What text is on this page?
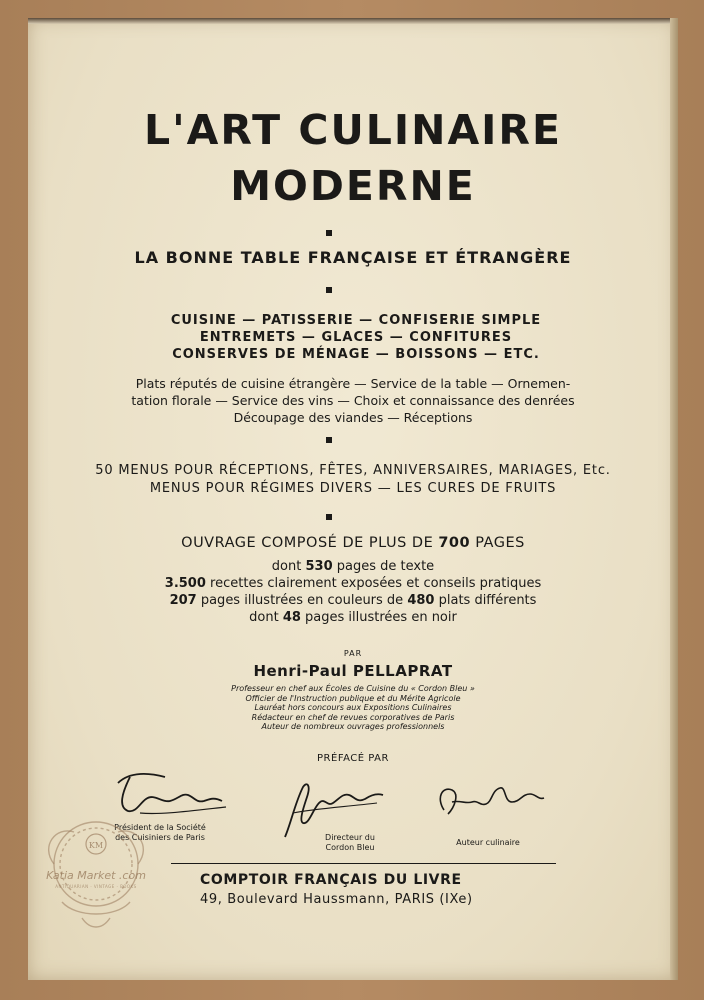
L'ART CULINAIRE
MODERNE
LA BONNE TABLE FRANÇAISE ET ÉTRANGÈRE
CUISINE — PATISSERIE — CONFISERIE SIMPLE
ENTREMETS — GLACES — CONFITURES
CONSERVES DE MÉNAGE — BOISSONS — ETC.
Plats réputés de cuisine étrangère — Service de la table — Ornemen-
tation florale — Service des vins — Choix et connaissance des denrées
Découpage des viandes — Réceptions
50 MENUS POUR RÉCEPTIONS, FÊTES, ANNIVERSAIRES, MARIAGES, Etc.
MENUS POUR RÉGIMES DIVERS — LES CURES DE FRUITS
OUVRAGE COMPOSÉ DE PLUS DE 700 PAGES
dont 530 pages de texte
3.500 recettes clairement exposées et conseils pratiques
207 pages illustrées en couleurs de 480 plats différents
dont 48 pages illustrées en noir
PAR
Henri-Paul PELLAPRAT
Professeur en chef aux Écoles de Cuisine du « Cordon Bleu »
Officier de l'Instruction publique et du Mérite Agricole
Lauréat hors concours aux Expositions Culinaires
Rédacteur en chef de revues corporatives de Paris
Auteur de nombreux ouvrages professionnels
PRÉFACÉ PAR
Président de la Société
des Cuisiniers de Paris	Directeur du
Cordon Bleu	Auteur culinaire
COMPTOIR FRANÇAIS DU LIVRE
49, Boulevard Haussmann, PARIS (IXe)
KM
Katia Market .com
ANTIQUARIAN · VINTAGE · BOOKS
